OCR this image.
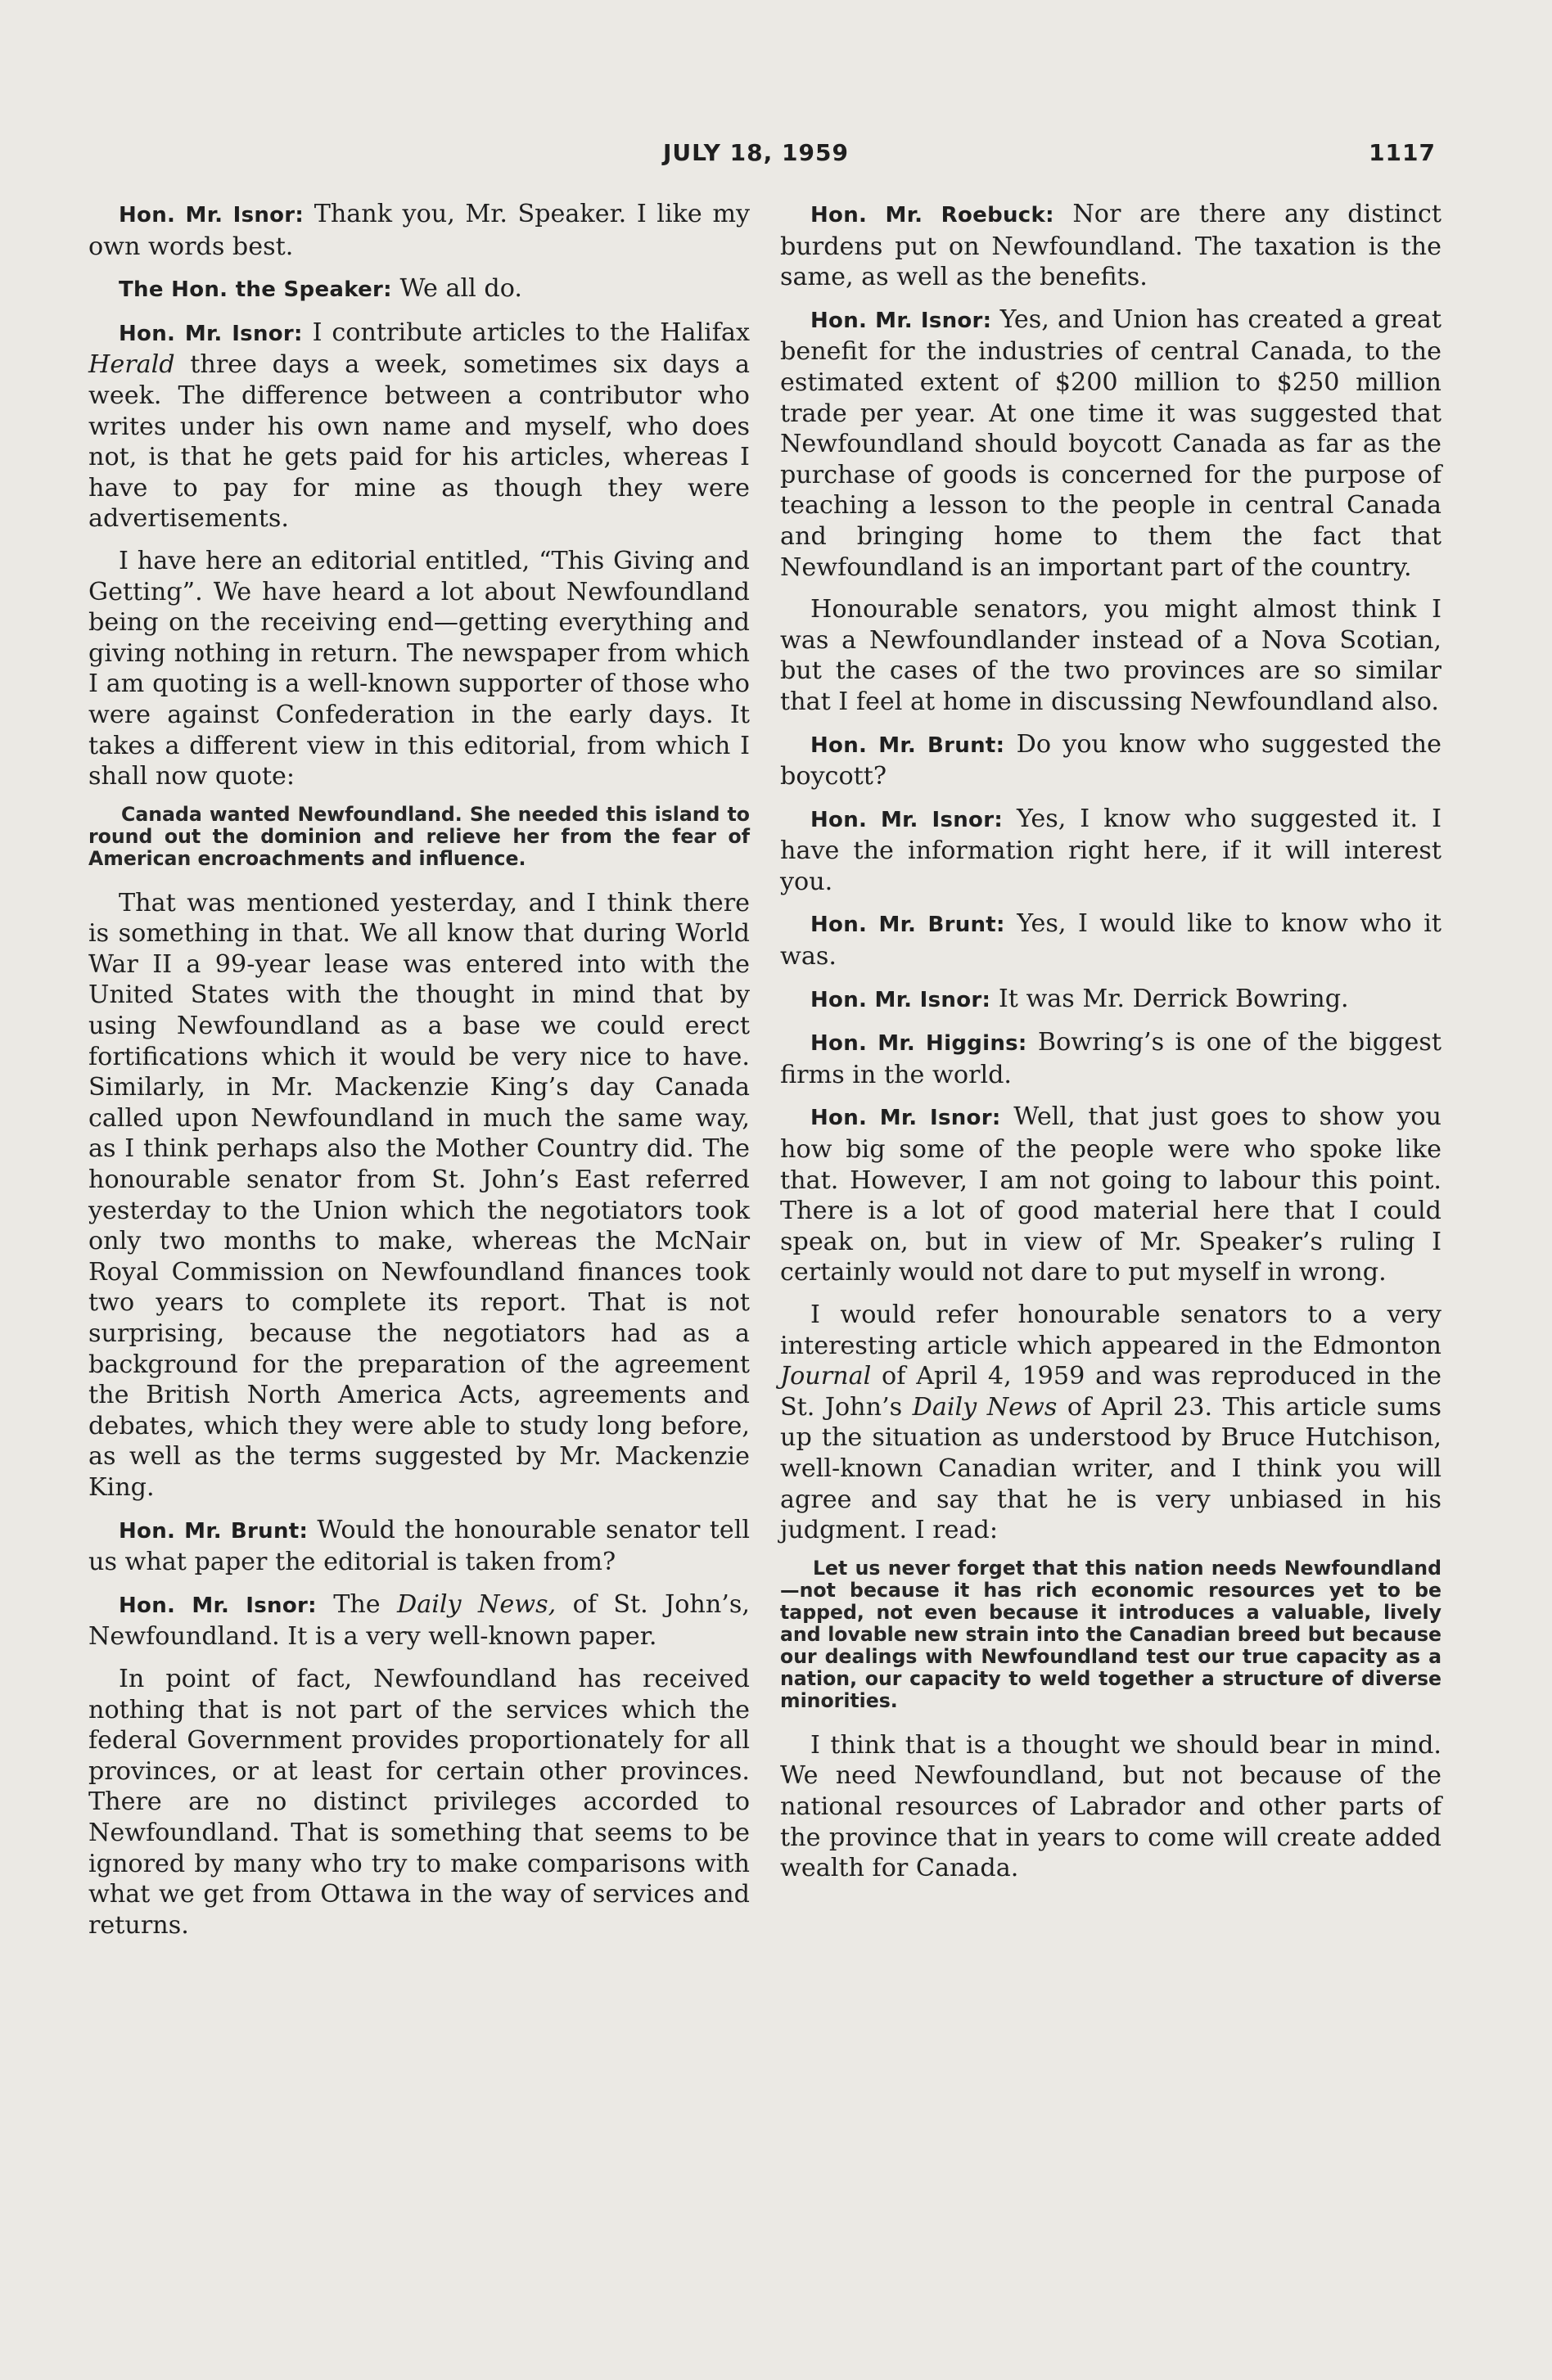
JULY 18, 1959	1117

Hon. Mr. Isnor: Thank you, Mr. Speaker. I like my own words best.

The Hon. the Speaker: We all do.

Hon. Mr. Isnor: I contribute articles to the Halifax Herald three days a week, sometimes six days a week. The difference between a contributor who writes under his own name and myself, who does not, is that he gets paid for his articles, whereas I have to pay for mine as though they were advertisements.

I have here an editorial entitled, “This Giving and Getting”. We have heard a lot about Newfoundland being on the receiving end—getting everything and giving nothing in return. The newspaper from which I am quoting is a well-known supporter of those who were against Confederation in the early days. It takes a different view in this editorial, from which I shall now quote:

Canada wanted Newfoundland. She needed this island to round out the dominion and relieve her from the fear of American encroachments and influence.

That was mentioned yesterday, and I think there is something in that. We all know that during World War II a 99-year lease was entered into with the United States with the thought in mind that by using Newfoundland as a base we could erect fortifications which it would be very nice to have. Similarly, in Mr. Mackenzie King’s day Canada called upon Newfoundland in much the same way, as I think perhaps also the Mother Country did. The honourable senator from St. John’s East referred yesterday to the Union which the negotiators took only two months to make, whereas the McNair Royal Commission on Newfoundland finances took two years to complete its report. That is not surprising, because the negotiators had as a background for the preparation of the agreement the British North America Acts, agreements and debates, which they were able to study long before, as well as the terms suggested by Mr. Mackenzie King.

Hon. Mr. Brunt: Would the honourable senator tell us what paper the editorial is taken from?

Hon. Mr. Isnor: The Daily News, of St. John’s, Newfoundland. It is a very well-known paper.

In point of fact, Newfoundland has received nothing that is not part of the services which the federal Government provides proportionately for all provinces, or at least for certain other provinces. There are no distinct privileges accorded to Newfoundland. That is something that seems to be ignored by many who try to make comparisons with what we get from Ottawa in the way of services and returns.

Hon. Mr. Roebuck: Nor are there any distinct burdens put on Newfoundland. The taxation is the same, as well as the benefits.

Hon. Mr. Isnor: Yes, and Union has created a great benefit for the industries of central Canada, to the estimated extent of $200 million to $250 million trade per year. At one time it was suggested that Newfoundland should boycott Canada as far as the purchase of goods is concerned for the purpose of teaching a lesson to the people in central Canada and bringing home to them the fact that Newfoundland is an important part of the country.

Honourable senators, you might almost think I was a Newfoundlander instead of a Nova Scotian, but the cases of the two provinces are so similar that I feel at home in discussing Newfoundland also.

Hon. Mr. Brunt: Do you know who suggested the boycott?

Hon. Mr. Isnor: Yes, I know who suggested it. I have the information right here, if it will interest you.

Hon. Mr. Brunt: Yes, I would like to know who it was.

Hon. Mr. Isnor: It was Mr. Derrick Bowring.

Hon. Mr. Higgins: Bowring’s is one of the biggest firms in the world.

Hon. Mr. Isnor: Well, that just goes to show you how big some of the people were who spoke like that. However, I am not going to labour this point. There is a lot of good material here that I could speak on, but in view of Mr. Speaker’s ruling I certainly would not dare to put myself in wrong.

I would refer honourable senators to a very interesting article which appeared in the Edmonton Journal of April 4, 1959 and was reproduced in the St. John’s Daily News of April 23. This article sums up the situation as understood by Bruce Hutchison, well-known Canadian writer, and I think you will agree and say that he is very unbiased in his judgment. I read:

Let us never forget that this nation needs Newfoundland—not because it has rich economic resources yet to be tapped, not even because it introduces a valuable, lively and lovable new strain into the Canadian breed but because our dealings with Newfoundland test our true capacity as a nation, our capacity to weld together a structure of diverse minorities.

I think that is a thought we should bear in mind. We need Newfoundland, but not because of the national resources of Labrador and other parts of the province that in years to come will create added wealth for Canada.
